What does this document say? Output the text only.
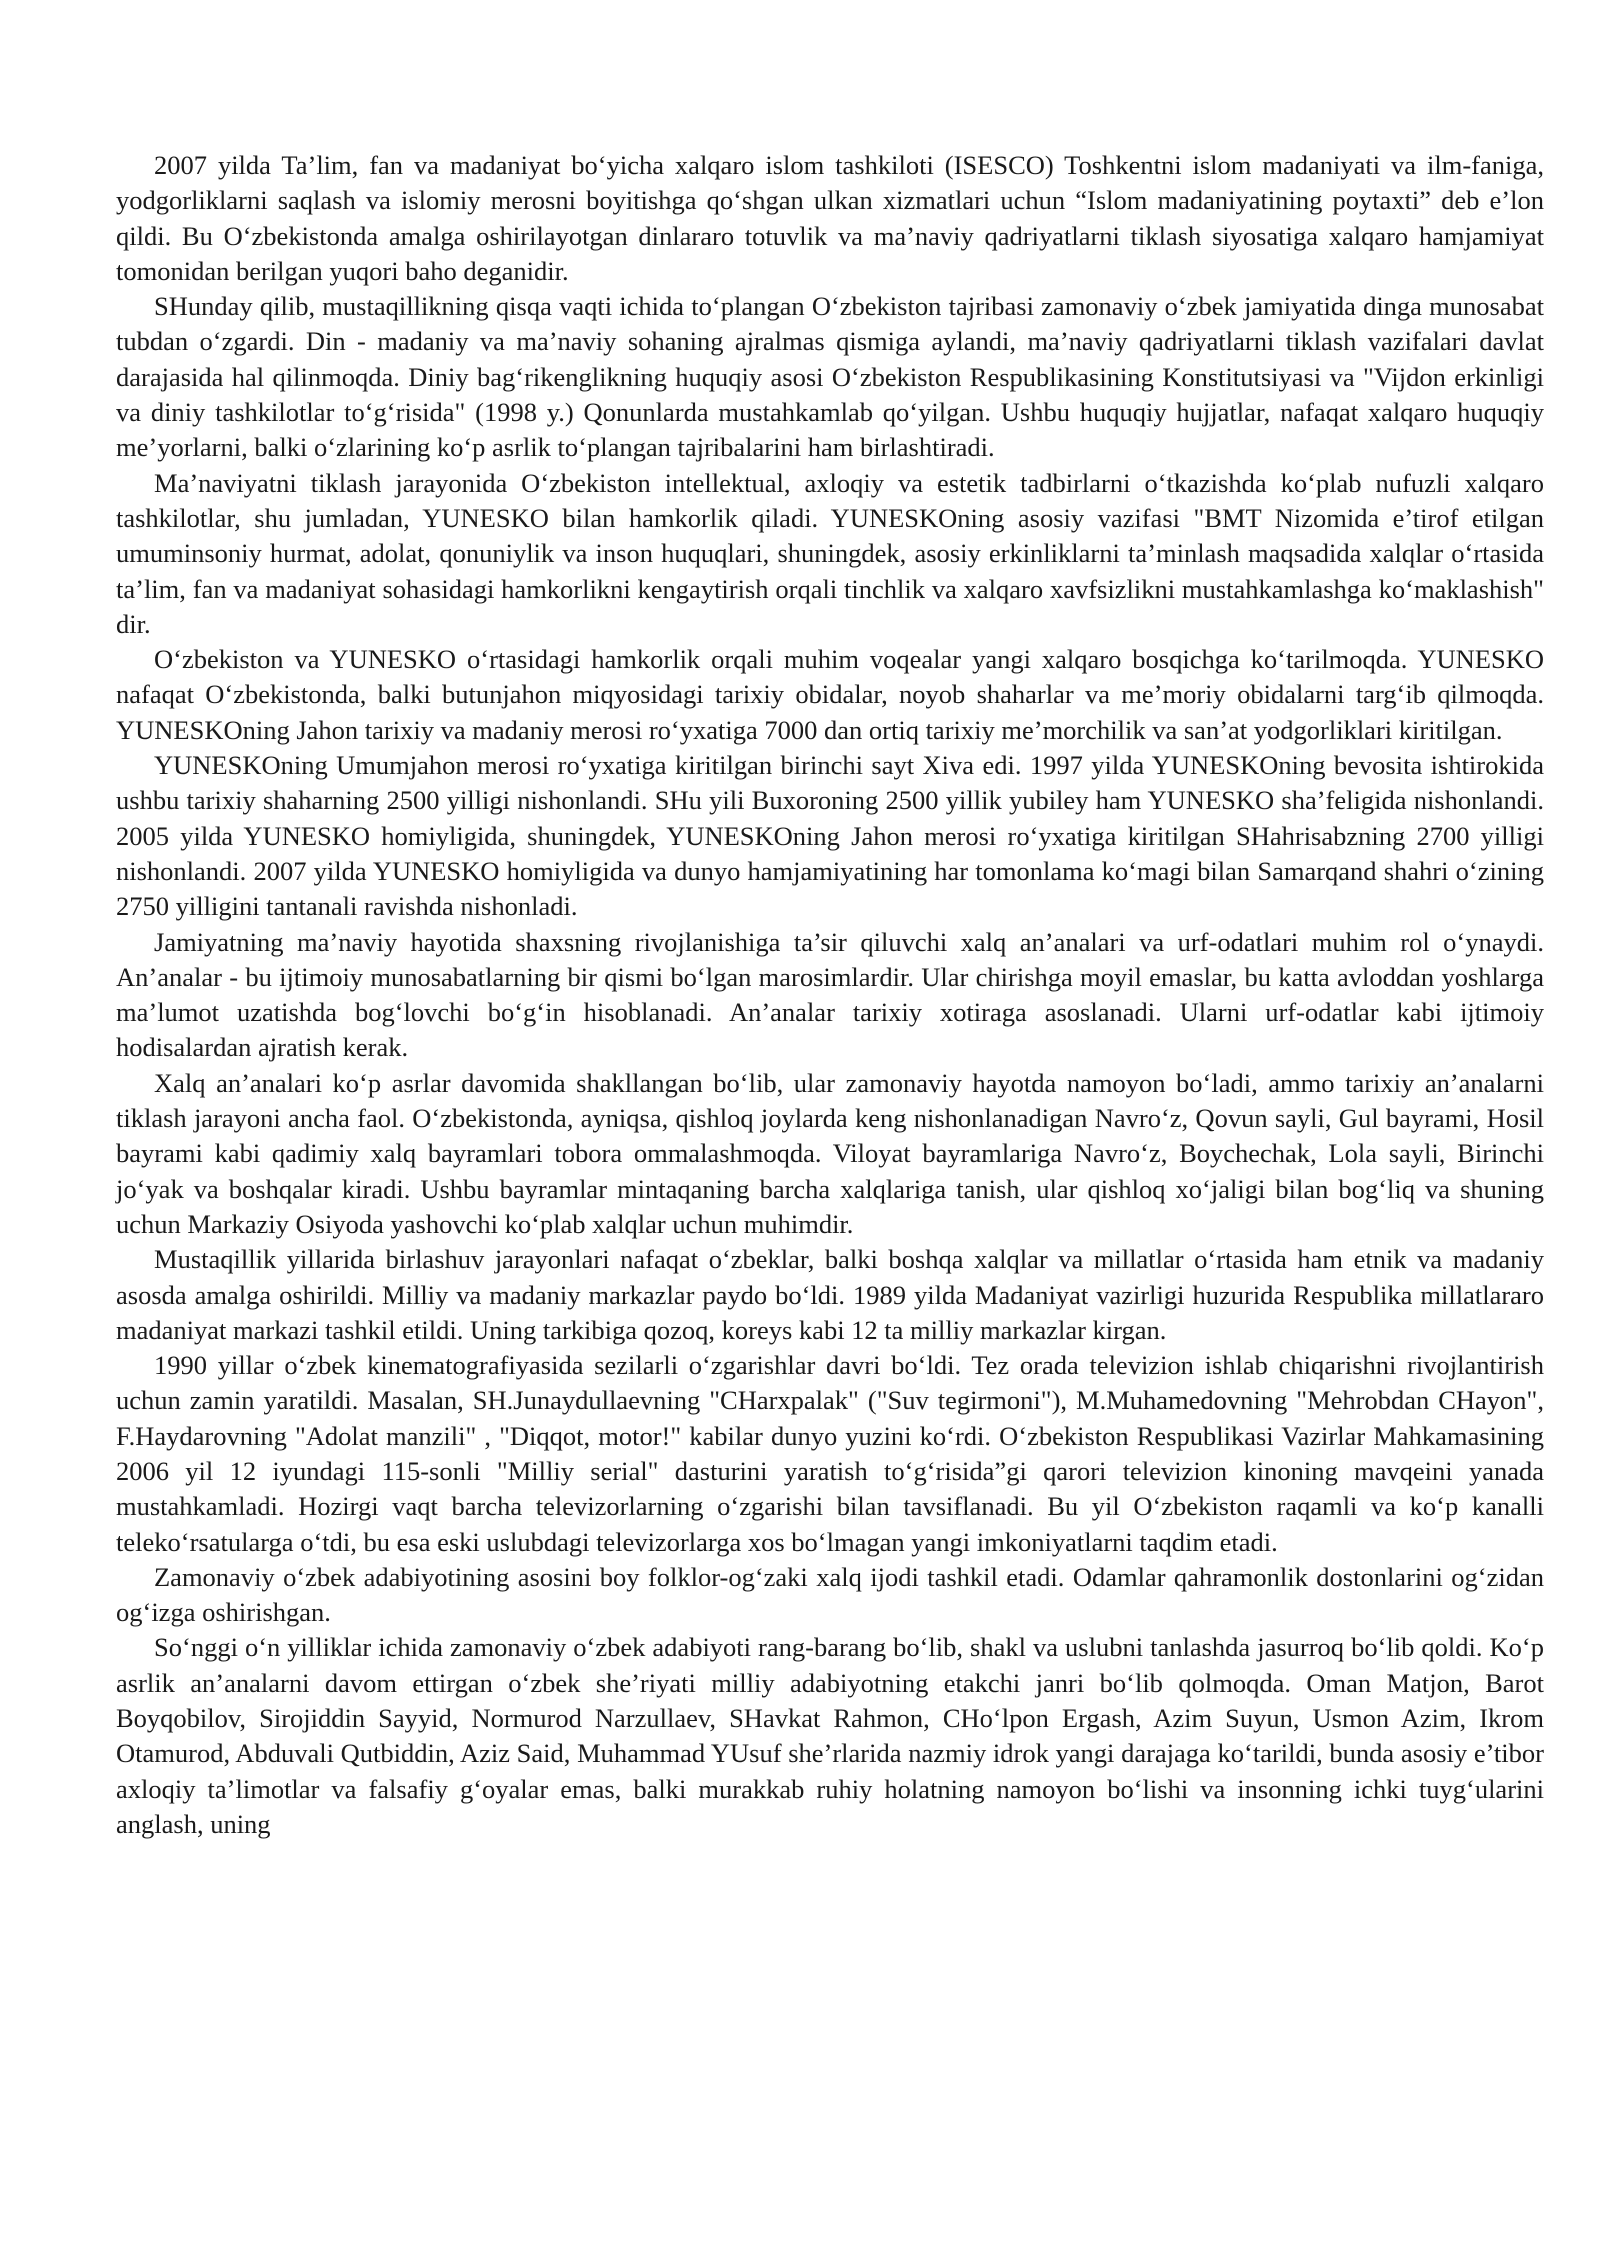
2007 yilda Ta’lim, fan va madaniyat bo‘yicha xalqaro islom tashkiloti (ISESCO) Toshkentni islom madaniyati va ilm-faniga, yodgorliklarni saqlash va islomiy merosni boyitishga qo‘shgan ulkan xizmatlari uchun “Islom madaniyatining poytaxti” deb e’lon qildi. Bu O‘zbekistonda amalga oshirilayotgan dinlararo totuvlik va ma’naviy qadriyatlarni tiklash siyosatiga xalqaro hamjamiyat tomonidan berilgan yuqori baho deganidir.

SHunday qilib, mustaqillikning qisqa vaqti ichida to‘plangan O‘zbekiston tajribasi zamonaviy o‘zbek jamiyatida dinga munosabat tubdan o‘zgardi. Din - madaniy va ma’naviy sohaning ajralmas qismiga aylandi, ma’naviy qadriyatlarni tiklash vazifalari davlat darajasida hal qilinmoqda. Diniy bag‘rikenglikning huquqiy asosi O‘zbekiston Respublikasining Konstitutsiyasi va "Vijdon erkinligi va diniy tashkilotlar to‘g‘risida" (1998 y.) Qonunlarda mustahkamlab qo‘yilgan. Ushbu huquqiy hujjatlar, nafaqat xalqaro huquqiy me’yorlarni, balki o‘zlarining ko‘p asrlik to‘plangan tajribalarini ham birlashtiradi.

Ma’naviyatni tiklash jarayonida O‘zbekiston intellektual, axloqiy va estetik tadbirlarni o‘tkazishda ko‘plab nufuzli xalqaro tashkilotlar, shu jumladan, YUNESKO bilan hamkorlik qiladi. YUNESKOning asosiy vazifasi "BMT Nizomida e’tirof etilgan umuminsoniy hurmat, adolat, qonuniylik va inson huquqlari, shuningdek, asosiy erkinliklarni ta’minlash maqsadida xalqlar o‘rtasida ta’lim, fan va madaniyat sohasidagi hamkorlikni kengaytirish orqali tinchlik va xalqaro xavfsizlikni mustahkamlashga ko‘maklashish" dir.

O‘zbekiston va YUNESKO o‘rtasidagi hamkorlik orqali muhim voqealar yangi xalqaro bosqichga ko‘tarilmoqda. YUNESKO nafaqat O‘zbekistonda, balki butunjahon miqyosidagi tarixiy obidalar, noyob shaharlar va me’moriy obidalarni targ‘ib qilmoqda. YUNESKOning Jahon tarixiy va madaniy merosi ro‘yxatiga 7000 dan ortiq tarixiy me’morchilik va san’at yodgorliklari kiritilgan.

YUNESKOning Umumjahon merosi ro‘yxatiga kiritilgan birinchi sayt Xiva edi. 1997 yilda YUNESKOning bevosita ishtirokida ushbu tarixiy shaharning 2500 yilligi nishonlandi. SHu yili Buxoroning 2500 yillik yubiley ham YUNESKO sha’feligida nishonlandi. 2005 yilda YUNESKO homiyligida, shuningdek, YUNESKOning Jahon merosi ro‘yxatiga kiritilgan SHahrisabzning 2700 yilligi nishonlandi. 2007 yilda YUNESKO homiyligida va dunyo hamjamiyatining har tomonlama ko‘magi bilan Samarqand shahri o‘zining 2750 yilligini tantanali ravishda nishonladi.

Jamiyatning ma’naviy hayotida shaxsning rivojlanishiga ta’sir qiluvchi xalq an’analari va urf-odatlari muhim rol o‘ynaydi. An’analar - bu ijtimoiy munosabatlarning bir qismi bo‘lgan marosimlardir. Ular chirishga moyil emaslar, bu katta avloddan yoshlarga ma’lumot uzatishda bog‘lovchi bo‘g‘in hisoblanadi. An’analar tarixiy xotiraga asoslanadi. Ularni urf-odatlar kabi ijtimoiy hodisalardan ajratish kerak.

Xalq an’analari ko‘p asrlar davomida shakllangan bo‘lib, ular zamonaviy hayotda namoyon bo‘ladi, ammo tarixiy an’analarni tiklash jarayoni ancha faol. O‘zbekistonda, ayniqsa, qishloq joylarda keng nishonlanadigan Navro‘z, Qovun sayli, Gul bayrami, Hosil bayrami kabi qadimiy xalq bayramlari tobora ommalashmoqda. Viloyat bayramlariga Navro‘z, Boychechak, Lola sayli, Birinchi jo‘yak va boshqalar kiradi. Ushbu bayramlar mintaqaning barcha xalqlariga tanish, ular qishloq xo‘jaligi bilan bog‘liq va shuning uchun Markaziy Osiyoda yashovchi ko‘plab xalqlar uchun muhimdir.

Mustaqillik yillarida birlashuv jarayonlari nafaqat o‘zbeklar, balki boshqa xalqlar va millatlar o‘rtasida ham etnik va madaniy asosda amalga oshirildi. Milliy va madaniy markazlar paydo bo‘ldi. 1989 yilda Madaniyat vazirligi huzurida Respublika millatlararo madaniyat markazi tashkil etildi. Uning tarkibiga qozoq, koreys kabi 12 ta milliy markazlar kirgan.

1990 yillar o‘zbek kinematografiyasida sezilarli o‘zgarishlar davri bo‘ldi. Tez orada televizion ishlab chiqarishni rivojlantirish uchun zamin yaratildi. Masalan, SH.Junaydullaevning "CHarxpalak" ("Suv tegirmoni"), M.Muhamedovning "Mehrobdan CHayon", F.Haydarovning "Adolat manzili" , "Diqqot, motor!" kabilar dunyo yuzini ko‘rdi. O‘zbekiston Respublikasi Vazirlar Mahkamasining 2006 yil 12 iyundagi 115-sonli "Milliy serial" dasturini yaratish to‘g‘risida”gi qarori televizion kinoning mavqeini yanada mustahkamladi. Hozirgi vaqt barcha televizorlarning o‘zgarishi bilan tavsiflanadi. Bu yil O‘zbekiston raqamli va ko‘p kanalli teleko‘rsatularga o‘tdi, bu esa eski uslubdagi televizorlarga xos bo‘lmagan yangi imkoniyatlarni taqdim etadi.

Zamonaviy o‘zbek adabiyotining asosini boy folklor-og‘zaki xalq ijodi tashkil etadi. Odamlar qahramonlik dostonlarini og‘zidan og‘izga oshirishgan.

So‘nggi o‘n yilliklar ichida zamonaviy o‘zbek adabiyoti rang-barang bo‘lib, shakl va uslubni tanlashda jasurroq bo‘lib qoldi. Ko‘p asrlik an’analarni davom ettirgan o‘zbek she’riyati milliy adabiyotning etakchi janri bo‘lib qolmoqda. Oman Matjon, Barot Boyqobilov, Sirojiddin Sayyid, Normurod Narzullaev, SHavkat Rahmon, CHo‘lpon Ergash, Azim Suyun, Usmon Azim, Ikrom Otamurod, Abduvali Qutbiddin, Aziz Said, Muhammad YUsuf she’rlarida nazmiy idrok yangi darajaga ko‘tarildi, bunda asosiy e’tibor axloqiy ta’limotlar va falsafiy g‘oyalar emas, balki murakkab ruhiy holatning namoyon bo‘lishi va insonning ichki tuyg‘ularini anglash, uning
